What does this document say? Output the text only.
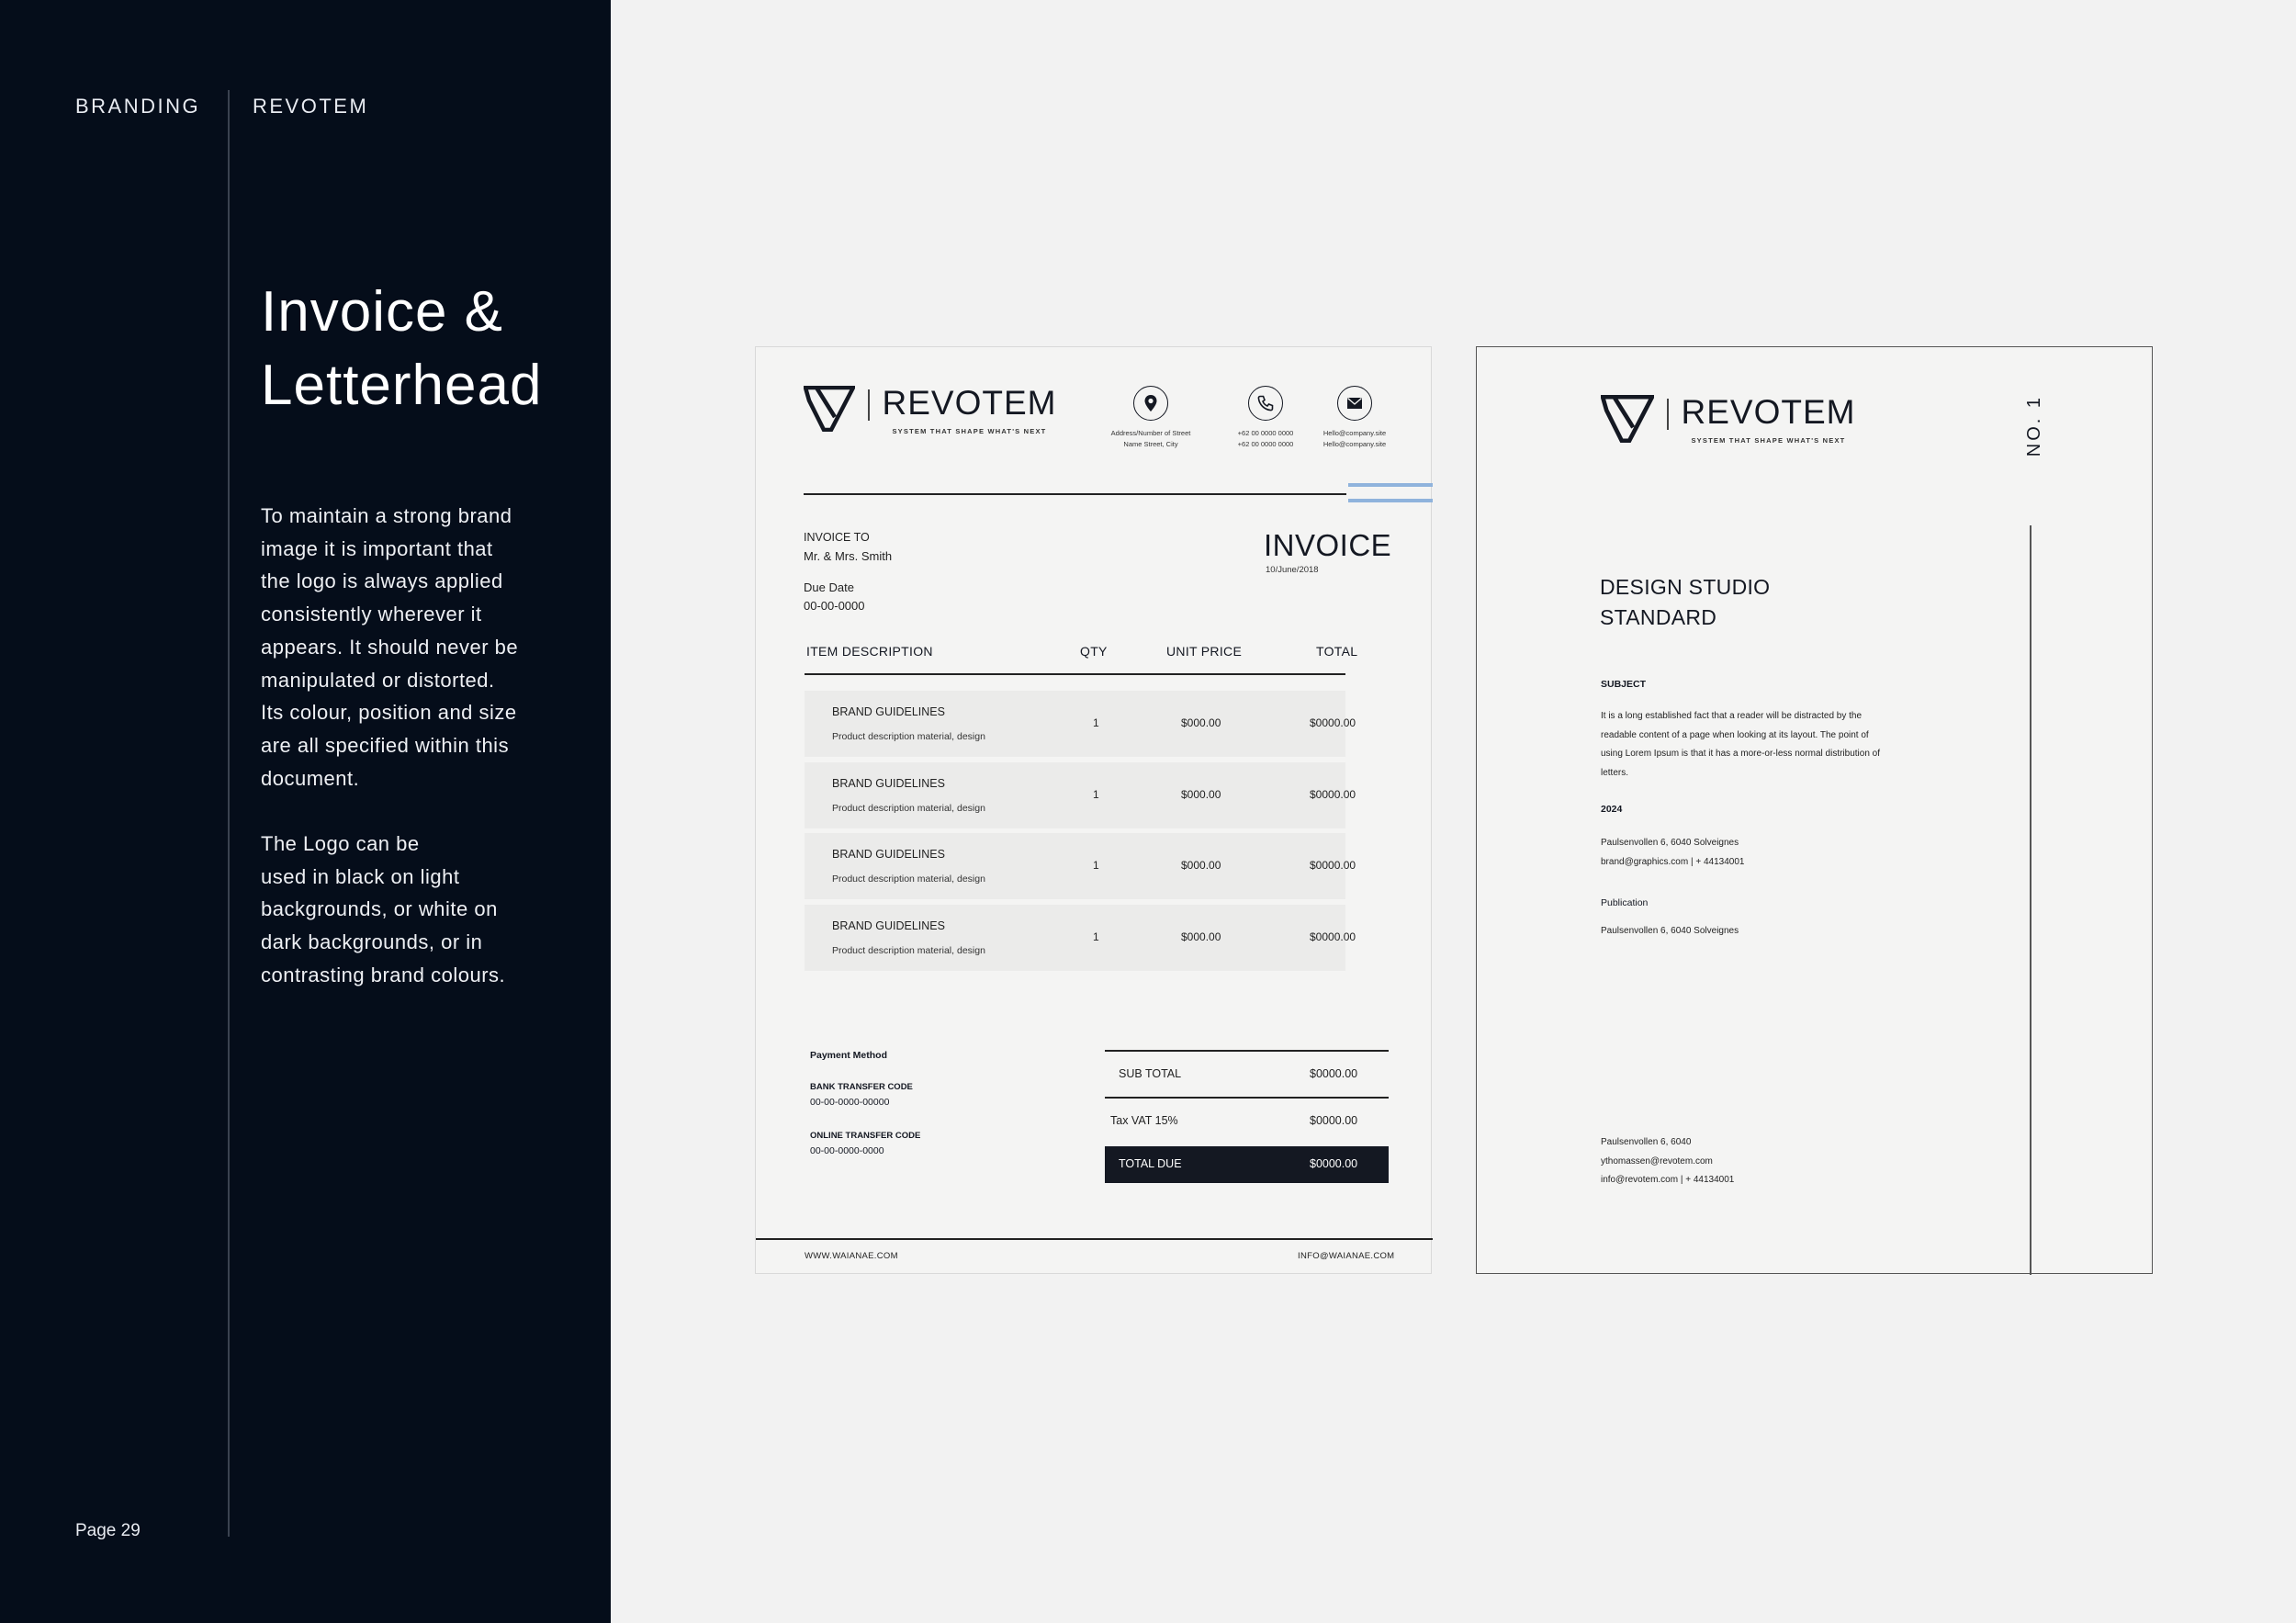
BRANDING	REVOTEM
Invoice &
Letterhead

To maintain a strong brand
image it is important that
the logo is always applied
consistently wherever it
appears. It should never be
manipulated or distorted.
Its colour, position and size
are all specified within this
document.

The Logo can be
used in black on light
backgrounds, or white on
dark backgrounds, or in
contrasting brand colours.

Page 29
REVOTEM
SYSTEM THAT SHAPE WHAT'S NEXT	Address/Number of Street
Name Street, City
+62 00 0000 0000
+62 00 0000 0000
Hello@company.site
Hello@company.site
INVOICE TO
Mr. & Mrs. Smith
Due Date
00-00-0000
INVOICE
10/June/2018
ITEM DESCRIPTION	QTY	UNIT PRICE	TOTAL
BRAND GUIDELINES
Product description material, design
1	$000.00	$0000.00
BRAND GUIDELINES
Product description material, design
1	$000.00	$0000.00
BRAND GUIDELINES
Product description material, design
1	$000.00	$0000.00
BRAND GUIDELINES
Product description material, design
1	$000.00	$0000.00
Payment Method
BANK TRANSFER CODE
00-00-0000-00000
ONLINE TRANSFER CODE
00-00-0000-0000
SUB TOTAL	$0000.00
Tax VAT 15%	$0000.00
TOTAL DUE	$0000.00
WWW.WAIANAE.COM	INFO@WAIANAE.COM
REVOTEM
SYSTEM THAT SHAPE WHAT'S NEXT	NO. 1
DESIGN STUDIO
STANDARD
SUBJECT
It is a long established fact that a reader will be distracted by the
readable content of a page when looking at its layout. The point of
using Lorem Ipsum is that it has a more-or-less normal distribution of
letters.
2024
Paulsenvollen 6, 6040 Solveignes
brand@graphics.com | + 44134001
Publication
Paulsenvollen 6, 6040 Solveignes
Paulsenvollen 6, 6040
ythomassen@revotem.com
info@revotem.com | + 44134001
